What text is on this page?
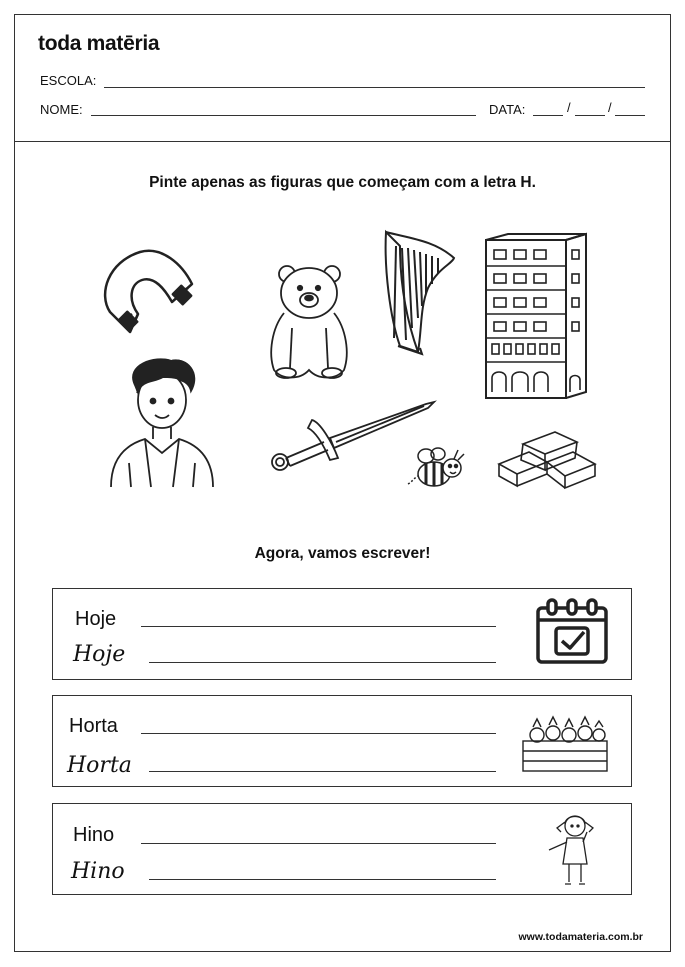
toda matēria
ESCOLA:
NOME:	DATA:	/	/
Pinte apenas as figuras que começam com a letra H.
Agora, vamos escrever!
Hoje
Hoje
Horta
Horta
Hino
Hino
www.todamateria.com.br
